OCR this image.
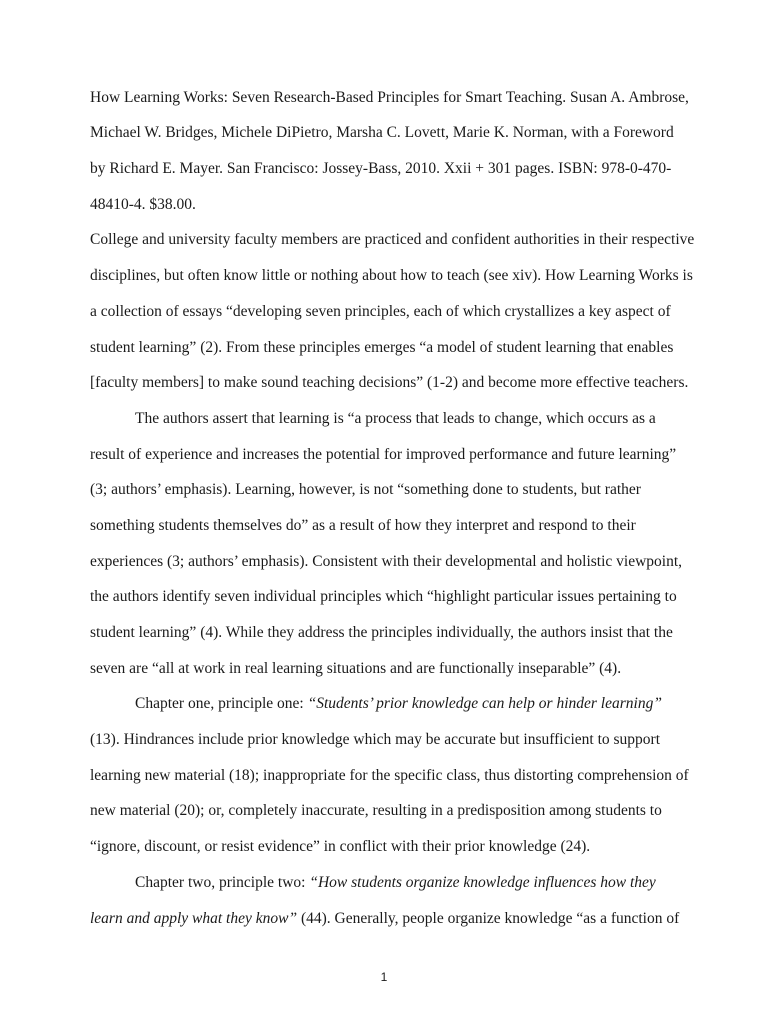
How Learning Works: Seven Research-Based Principles for Smart Teaching. Susan A. Ambrose,
Michael W. Bridges, Michele DiPietro, Marsha C. Lovett, Marie K. Norman, with a Foreword
by Richard E. Mayer. San Francisco: Jossey-Bass, 2010. Xxii + 301 pages. ISBN: 978-0-470-
48410-4. $38.00.
College and university faculty members are practiced and confident authorities in their respective
disciplines, but often know little or nothing about how to teach (see xiv). How Learning Works is
a collection of essays “developing seven principles, each of which crystallizes a key aspect of
student learning” (2). From these principles emerges “a model of student learning that enables
[faculty members] to make sound teaching decisions” (1-2) and become more effective teachers.
The authors assert that learning is “a process that leads to change, which occurs as a
result of experience and increases the potential for improved performance and future learning”
(3; authors’ emphasis). Learning, however, is not “something done to students, but rather
something students themselves do” as a result of how they interpret and respond to their
experiences (3; authors’ emphasis). Consistent with their developmental and holistic viewpoint,
the authors identify seven individual principles which “highlight particular issues pertaining to
student learning” (4). While they address the principles individually, the authors insist that the
seven are “all at work in real learning situations and are functionally inseparable” (4).
Chapter one, principle one: “Students’ prior knowledge can help or hinder learning”
(13). Hindrances include prior knowledge which may be accurate but insufficient to support
learning new material (18); inappropriate for the specific class, thus distorting comprehension of
new material (20); or, completely inaccurate, resulting in a predisposition among students to
“ignore, discount, or resist evidence” in conflict with their prior knowledge (24).
Chapter two, principle two: “How students organize knowledge influences how they
learn and apply what they know” (44). Generally, people organize knowledge “as a function of
1
